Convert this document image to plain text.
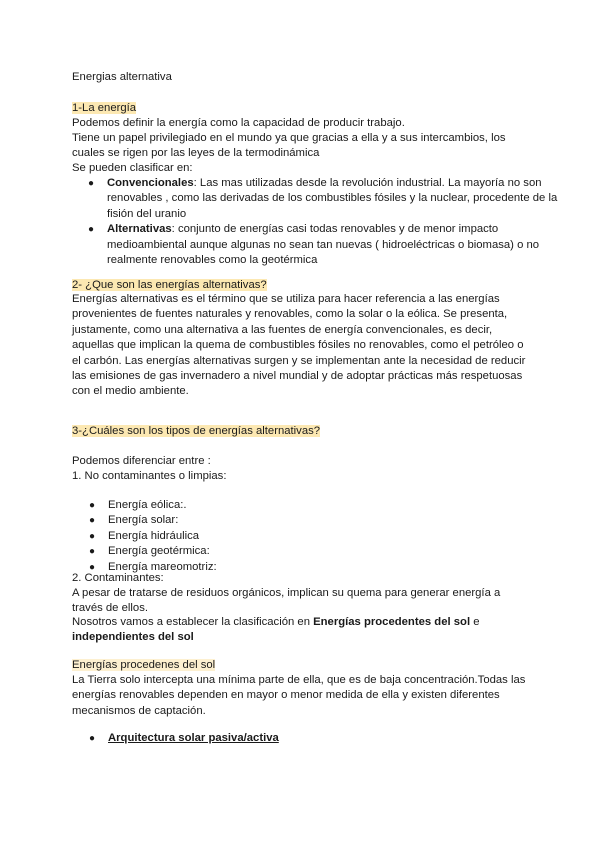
Energias alternativa

1-La energía

Podemos definir la energía como la capacidad de producir trabajo.

Tiene un papel privilegiado en el mundo ya que gracias a ella y a sus intercambios, los cuales se rigen por las leyes de la termodinámica

Se pueden clasificar en:

● Convencionales: Las mas utilizadas desde la revolución industrial. La mayoría no son renovables , como las derivadas de los combustibles fósiles y la nuclear, procedente de la fisión del uranio
● Alternativas: conjunto de energías casi todas renovables y de menor impacto medioambiental aunque algunas no sean tan nuevas ( hidroeléctricas o biomasa) o no realmente renovables como la geotérmica

2- ¿Que son las energías alternativas?

Energías alternativas es el término que se utiliza para hacer referencia a las energías provenientes de fuentes naturales y renovables, como la solar o la eólica. Se presenta, justamente, como una alternativa a las fuentes de energía convencionales, es decir, aquellas que implican la quema de combustibles fósiles no renovables, como el petróleo o el carbón. Las energías alternativas surgen y se implementan ante la necesidad de reducir las emisiones de gas invernadero a nivel mundial y de adoptar prácticas más respetuosas con el medio ambiente.

3-¿Cuáles son los tipos de energías alternativas?

Podemos diferenciar entre :

1. No contaminantes o limpias:

● Energía eólica:.
● Energía solar:
● Energía hidráulica
● Energía geotérmica:
● Energía mareomotriz:

2. Contaminantes:

A pesar de tratarse de residuos orgánicos, implican su quema para generar energía a través de ellos.

Nosotros vamos a establecer la clasificación en Energías procedentes del sol e independientes del sol

Energías procedenes del sol

La Tierra solo intercepta una mínima parte de ella, que es de baja concentración.Todas las energías renovables dependen en mayor o menor medida de ella y existen diferentes mecanismos de captación.

● Arquitectura solar pasiva/activa
